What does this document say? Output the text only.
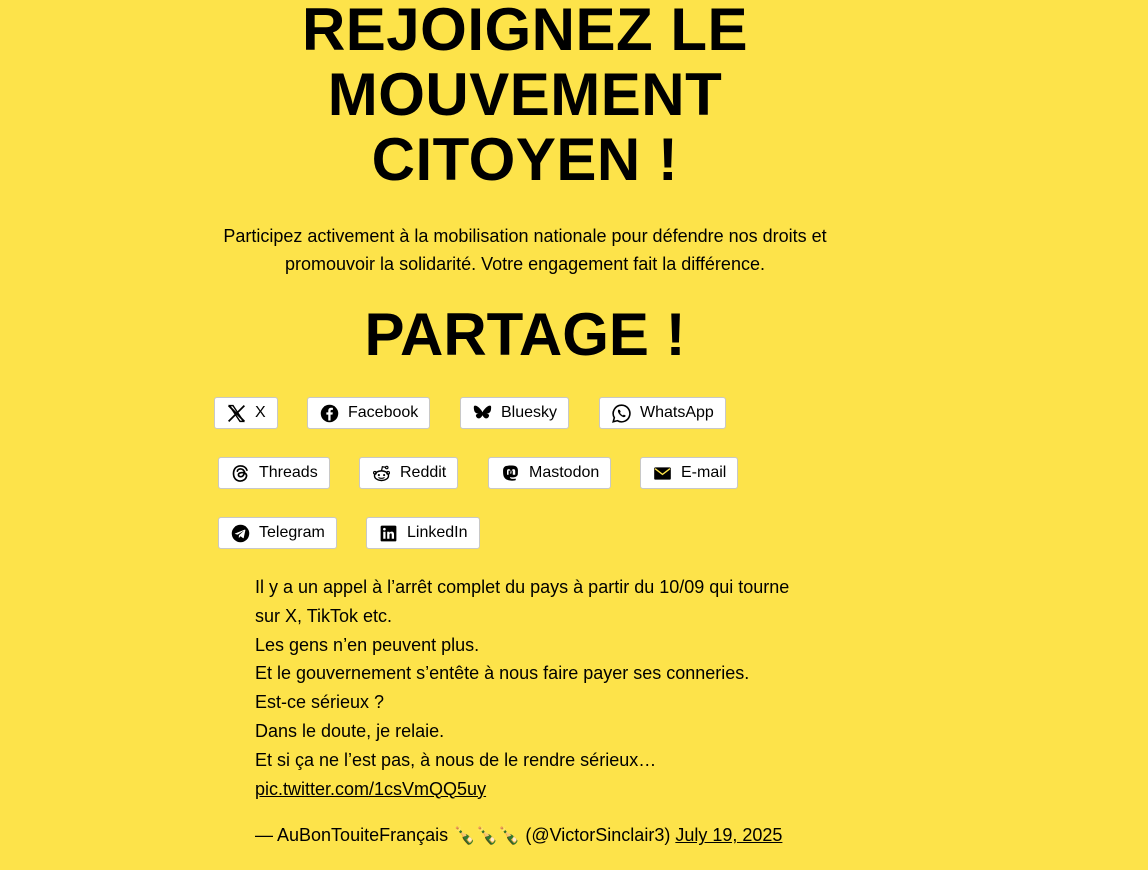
REJOIGNEZ LE
MOUVEMENT
CITOYEN !

Participez activement à la mobilisation nationale pour défendre nos droits et promouvoir la solidarité. Votre engagement fait la différence.

PARTAGE !
X	Facebook	Bluesky	WhatsApp
Threads	Reddit	Mastodon	E-mail
Telegram	LinkedIn

Il y a un appel à l’arrêt complet du pays à partir du 10/09 qui tourne sur X, TikTok etc.
Les gens n’en peuvent plus.
Et le gouvernement s’entête à nous faire payer ses conneries.
Est-ce sérieux ?
Dans le doute, je relaie.
Et si ça ne l’est pas, à nous de le rendre sérieux…
pic.twitter.com/1csVmQQ5uy

— AuBonTouiteFrançais 🍾🍾🍾 (@VictorSinclair3) July 19, 2025
